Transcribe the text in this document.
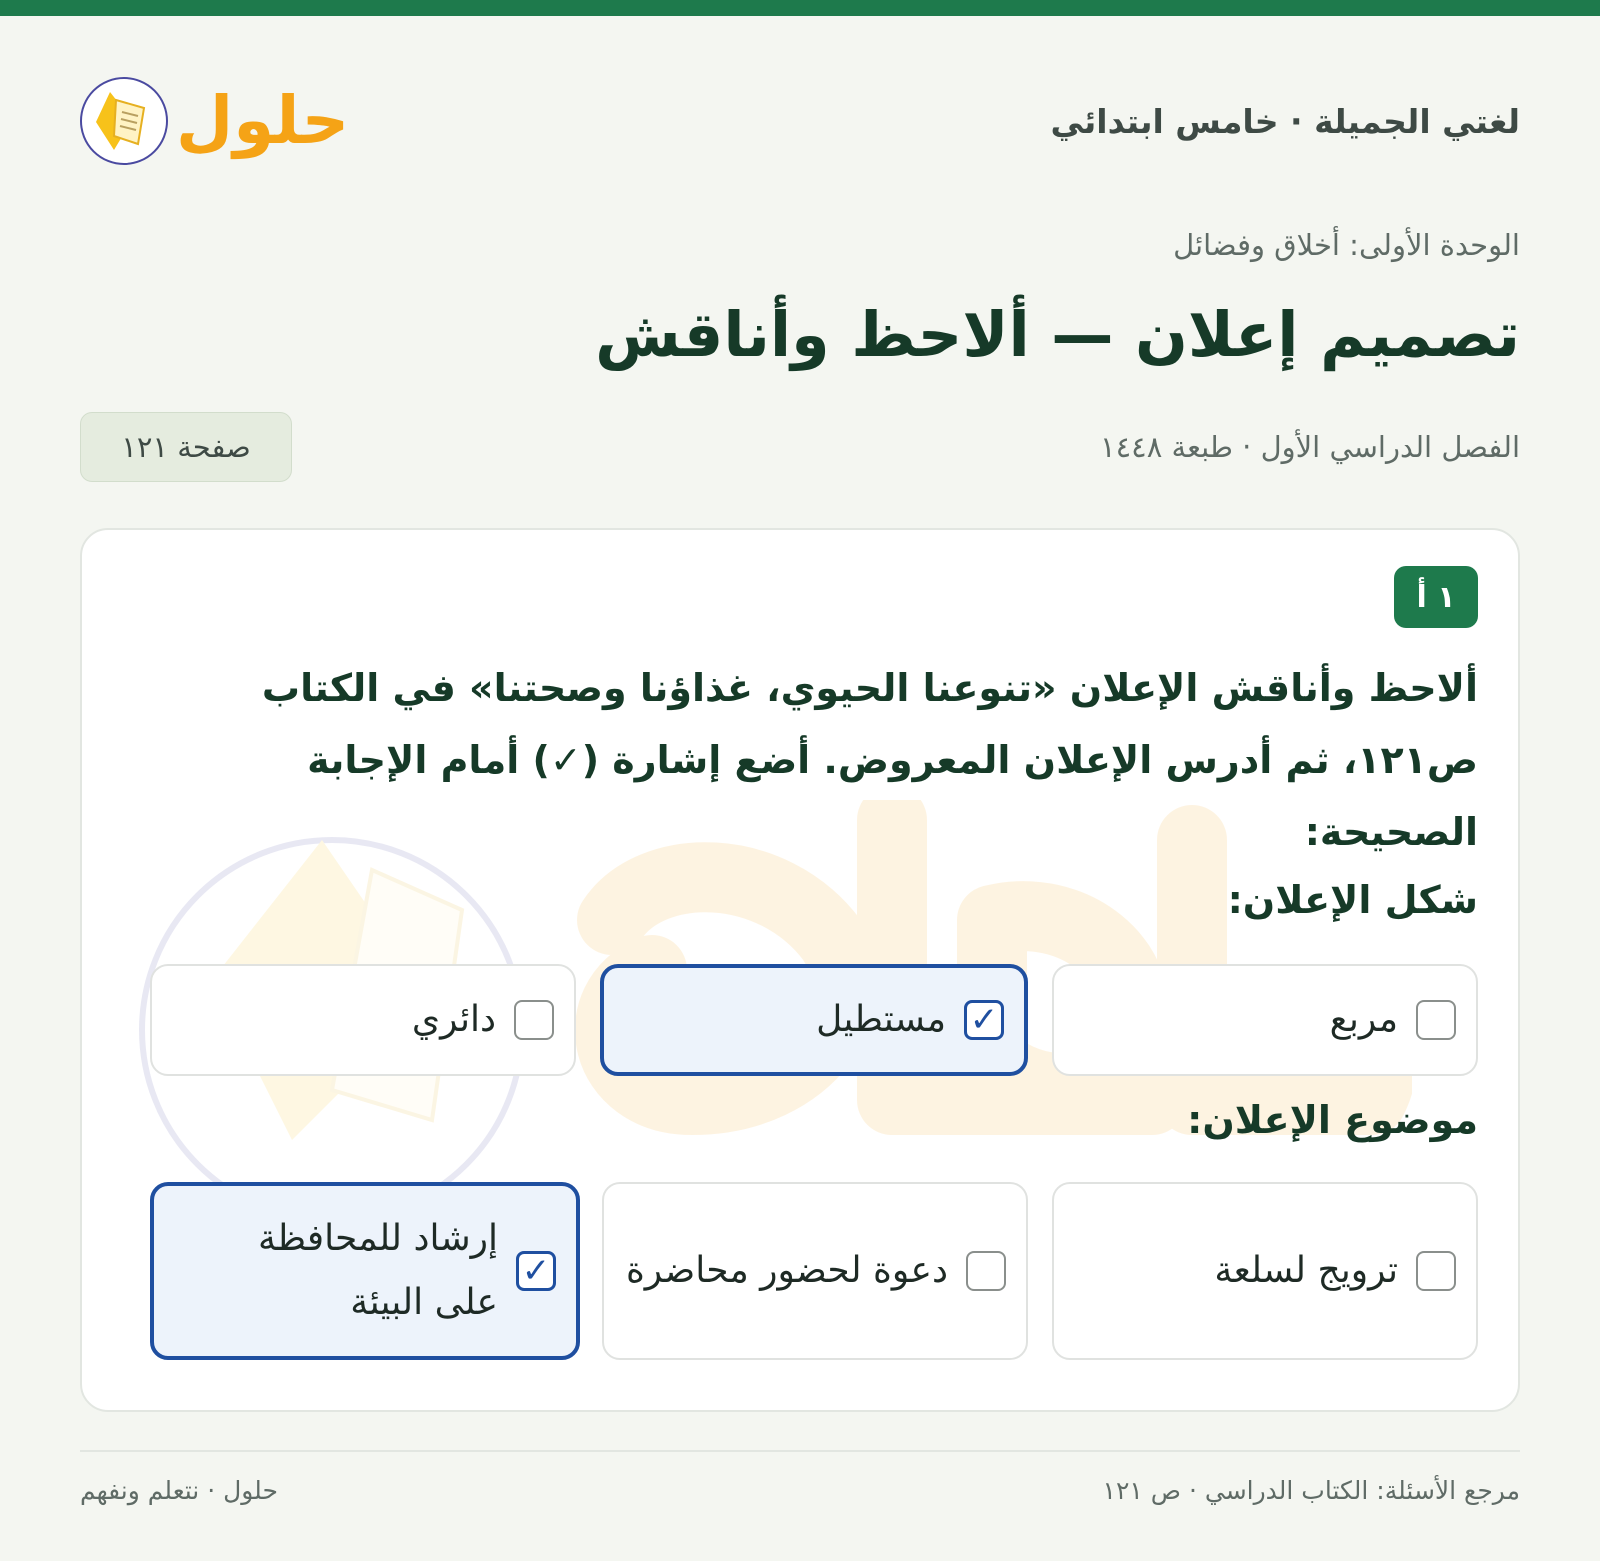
لغتي الجميلة · خامس ابتدائي
حلول
الوحدة الأولى: أخلاق وفضائل
تصميم إعلان — ألاحظ وأناقش
الفصل الدراسي الأول · طبعة ١٤٤٨
صفحة ١٢١
١ أ
ألاحظ وأناقش الإعلان «تنوعنا الحيوي، غذاؤنا وصحتنا» في الكتاب ص١٢١، ثم أدرس الإعلان المعروض. أضع إشارة (✓) أمام الإجابة الصحيحة:
شكل الإعلان:
مربع
✓
مستطيل
دائري
موضوع الإعلان:
ترويج لسلعة
دعوة لحضور محاضرة
✓
إرشاد للمحافظة على البيئة
مرجع الأسئلة: الكتاب الدراسي · ص ١٢١
حلول · نتعلم ونفهم
